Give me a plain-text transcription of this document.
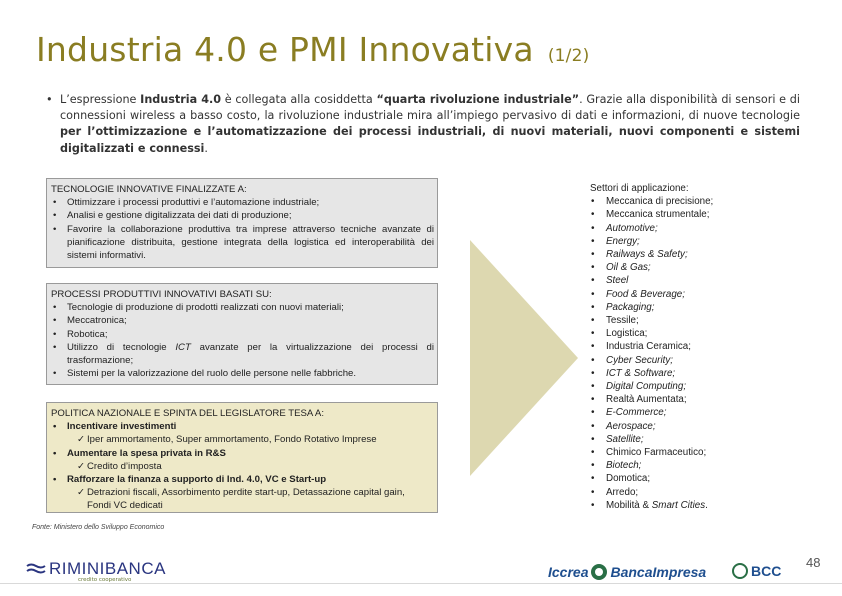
Industria 4.0 e PMI Innovativa (1/2)
• L’espressione Industria 4.0 è collegata alla cosiddetta “quarta rivoluzione industriale”. Grazie alla disponibilità di sensori e di connessioni wireless a basso costo, la rivoluzione industriale mira all’impiego pervasivo di dati e informazioni, di nuove tecnologie per l’ottimizzazione e l’automatizzazione dei processi industriali, di nuovi materiali, nuovi componenti e sistemi digitalizzati e connessi.

TECNOLOGIE INNOVATIVE FINALIZZATE A:
• Ottimizzare i processi produttivi e l’automazione industriale;
• Analisi e gestione digitalizzata dei dati di produzione;
• Favorire la collaborazione produttiva tra imprese attraverso tecniche avanzate di pianificazione distribuita, gestione integrata della logistica ed interoperabilità dei sistemi informativi.
PROCESSI PRODUTTIVI INNOVATIVI BASATI SU:
• Tecnologie di produzione di prodotti realizzati con nuovi materiali;
• Meccatronica;
• Robotica;
• Utilizzo di tecnologie ICT avanzate per la virtualizzazione dei processi di trasformazione;
• Sistemi per la valorizzazione del ruolo delle persone nelle fabbriche.
POLITICA NAZIONALE E SPINTA DEL LEGISLATORE TESA A:
• Incentivare investimenti
✓ Iper ammortamento, Super ammortamento, Fondo Rotativo Imprese
• Aumentare la spesa privata in R&S
✓ Credito d’imposta
• Rafforzare la finanza a supporto di Ind. 4.0, VC e Start-up
✓ Detrazioni fiscali, Assorbimento perdite start-up, Detassazione capital gain, Fondi VC dedicati
Settori di applicazione:
• Meccanica di precisione;
• Meccanica strumentale;
• Automotive;
• Energy;
• Railways & Safety;
• Oil & Gas;
• Steel
• Food & Beverage;
• Packaging;
• Tessile;
• Logistica;
• Industria Ceramica;
• Cyber Security;
• ICT & Software;
• Digital Computing;
• Realtà Aumentata;
• E-Commerce;
• Aerospace;
• Satellite;
• Chimico Farmaceutico;
• Biotech;
• Domotica;
• Arredo;
• Mobilità & Smart Cities.
Fonte: Ministero dello Sviluppo Economico
RIMINIBANCA
credito cooperativo	Iccrea BancaImpresa	BCC
48
